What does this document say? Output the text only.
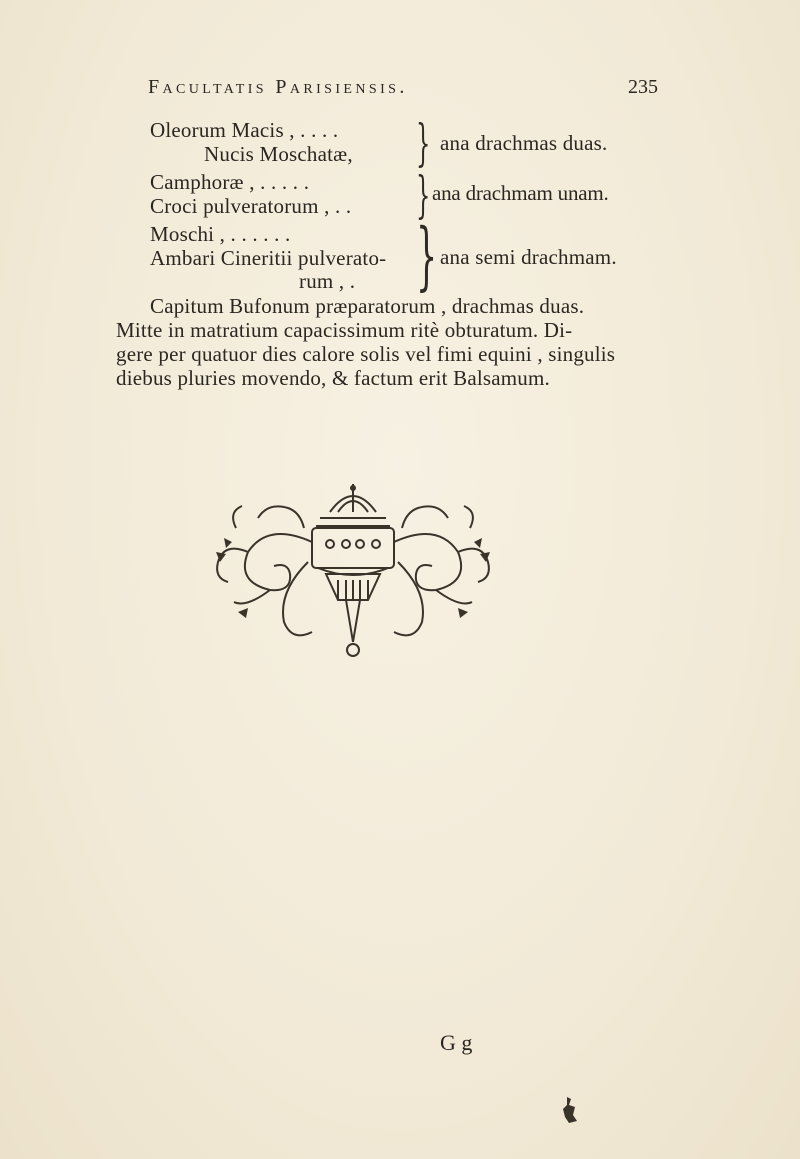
Facultatis Parisiensis.	235
Oleorum Macis , . . . .
Nucis Moschatæ, } ana drachmas duas.
Camphoræ , . . . . .
Croci pulveratorum , . . } ana drachmam unam.
Moschi , . . . . . .
Ambari Cineritii pulverato-
rum , . } ana semi drachmam.
Capitum Bufonum præparatorum , drachmas duas.
Mitte in matratium capacissimum ritè obturatum. Di-
gere per quatuor dies calore solis vel fimi equini , singulis
diebus pluries movendo, & factum erit Balsamum.
G g
